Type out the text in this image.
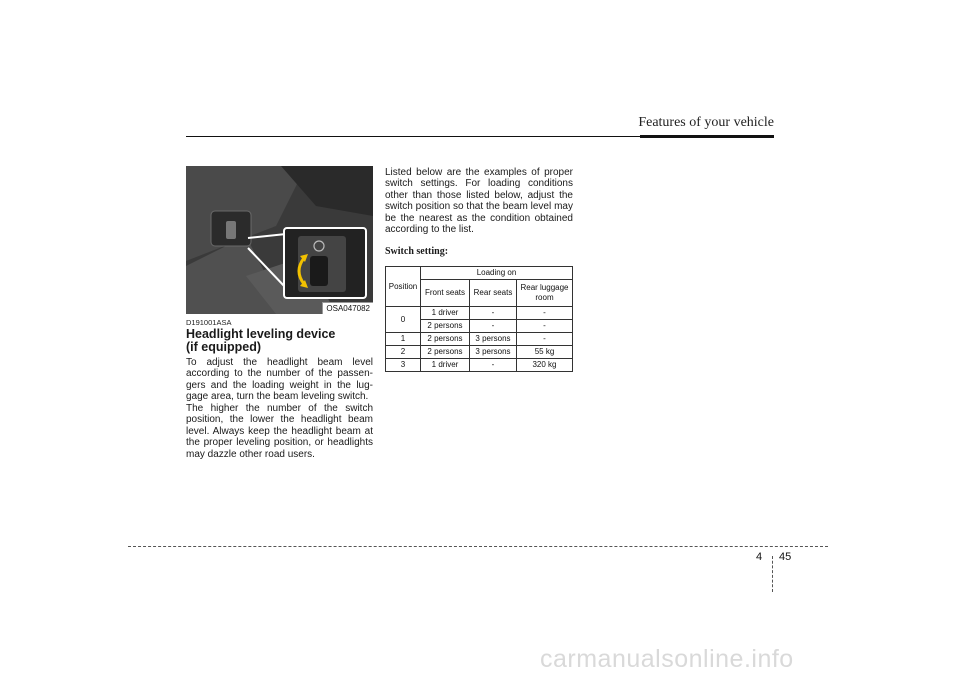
Features of your vehicle
OSA047082
D191001ASA
Headlight leveling device
(if equipped)

To adjust the headlight beam level according to the number of the passen-gers and the loading weight in the lug-gage area, turn the beam leveling switch.

The higher the number of the switch position, the lower the headlight beam level. Always keep the headlight beam at the proper leveling position, or headlights may dazzle other road users.

Listed below are the examples of proper switch settings. For loading conditions other than those listed below, adjust the switch position so that the beam level may be the nearest as the condition obtained according to the list.

Switch setting:
Position	Loading on		
	Front seats	Rear seats	Rear luggage room
0	1 driver	-	-
	2 persons	-	-
1	2 persons	3 persons	-
2	2 persons	3 persons	55 kg
3	1 driver	-	320 kg
4 45
carmanualsonline.info
